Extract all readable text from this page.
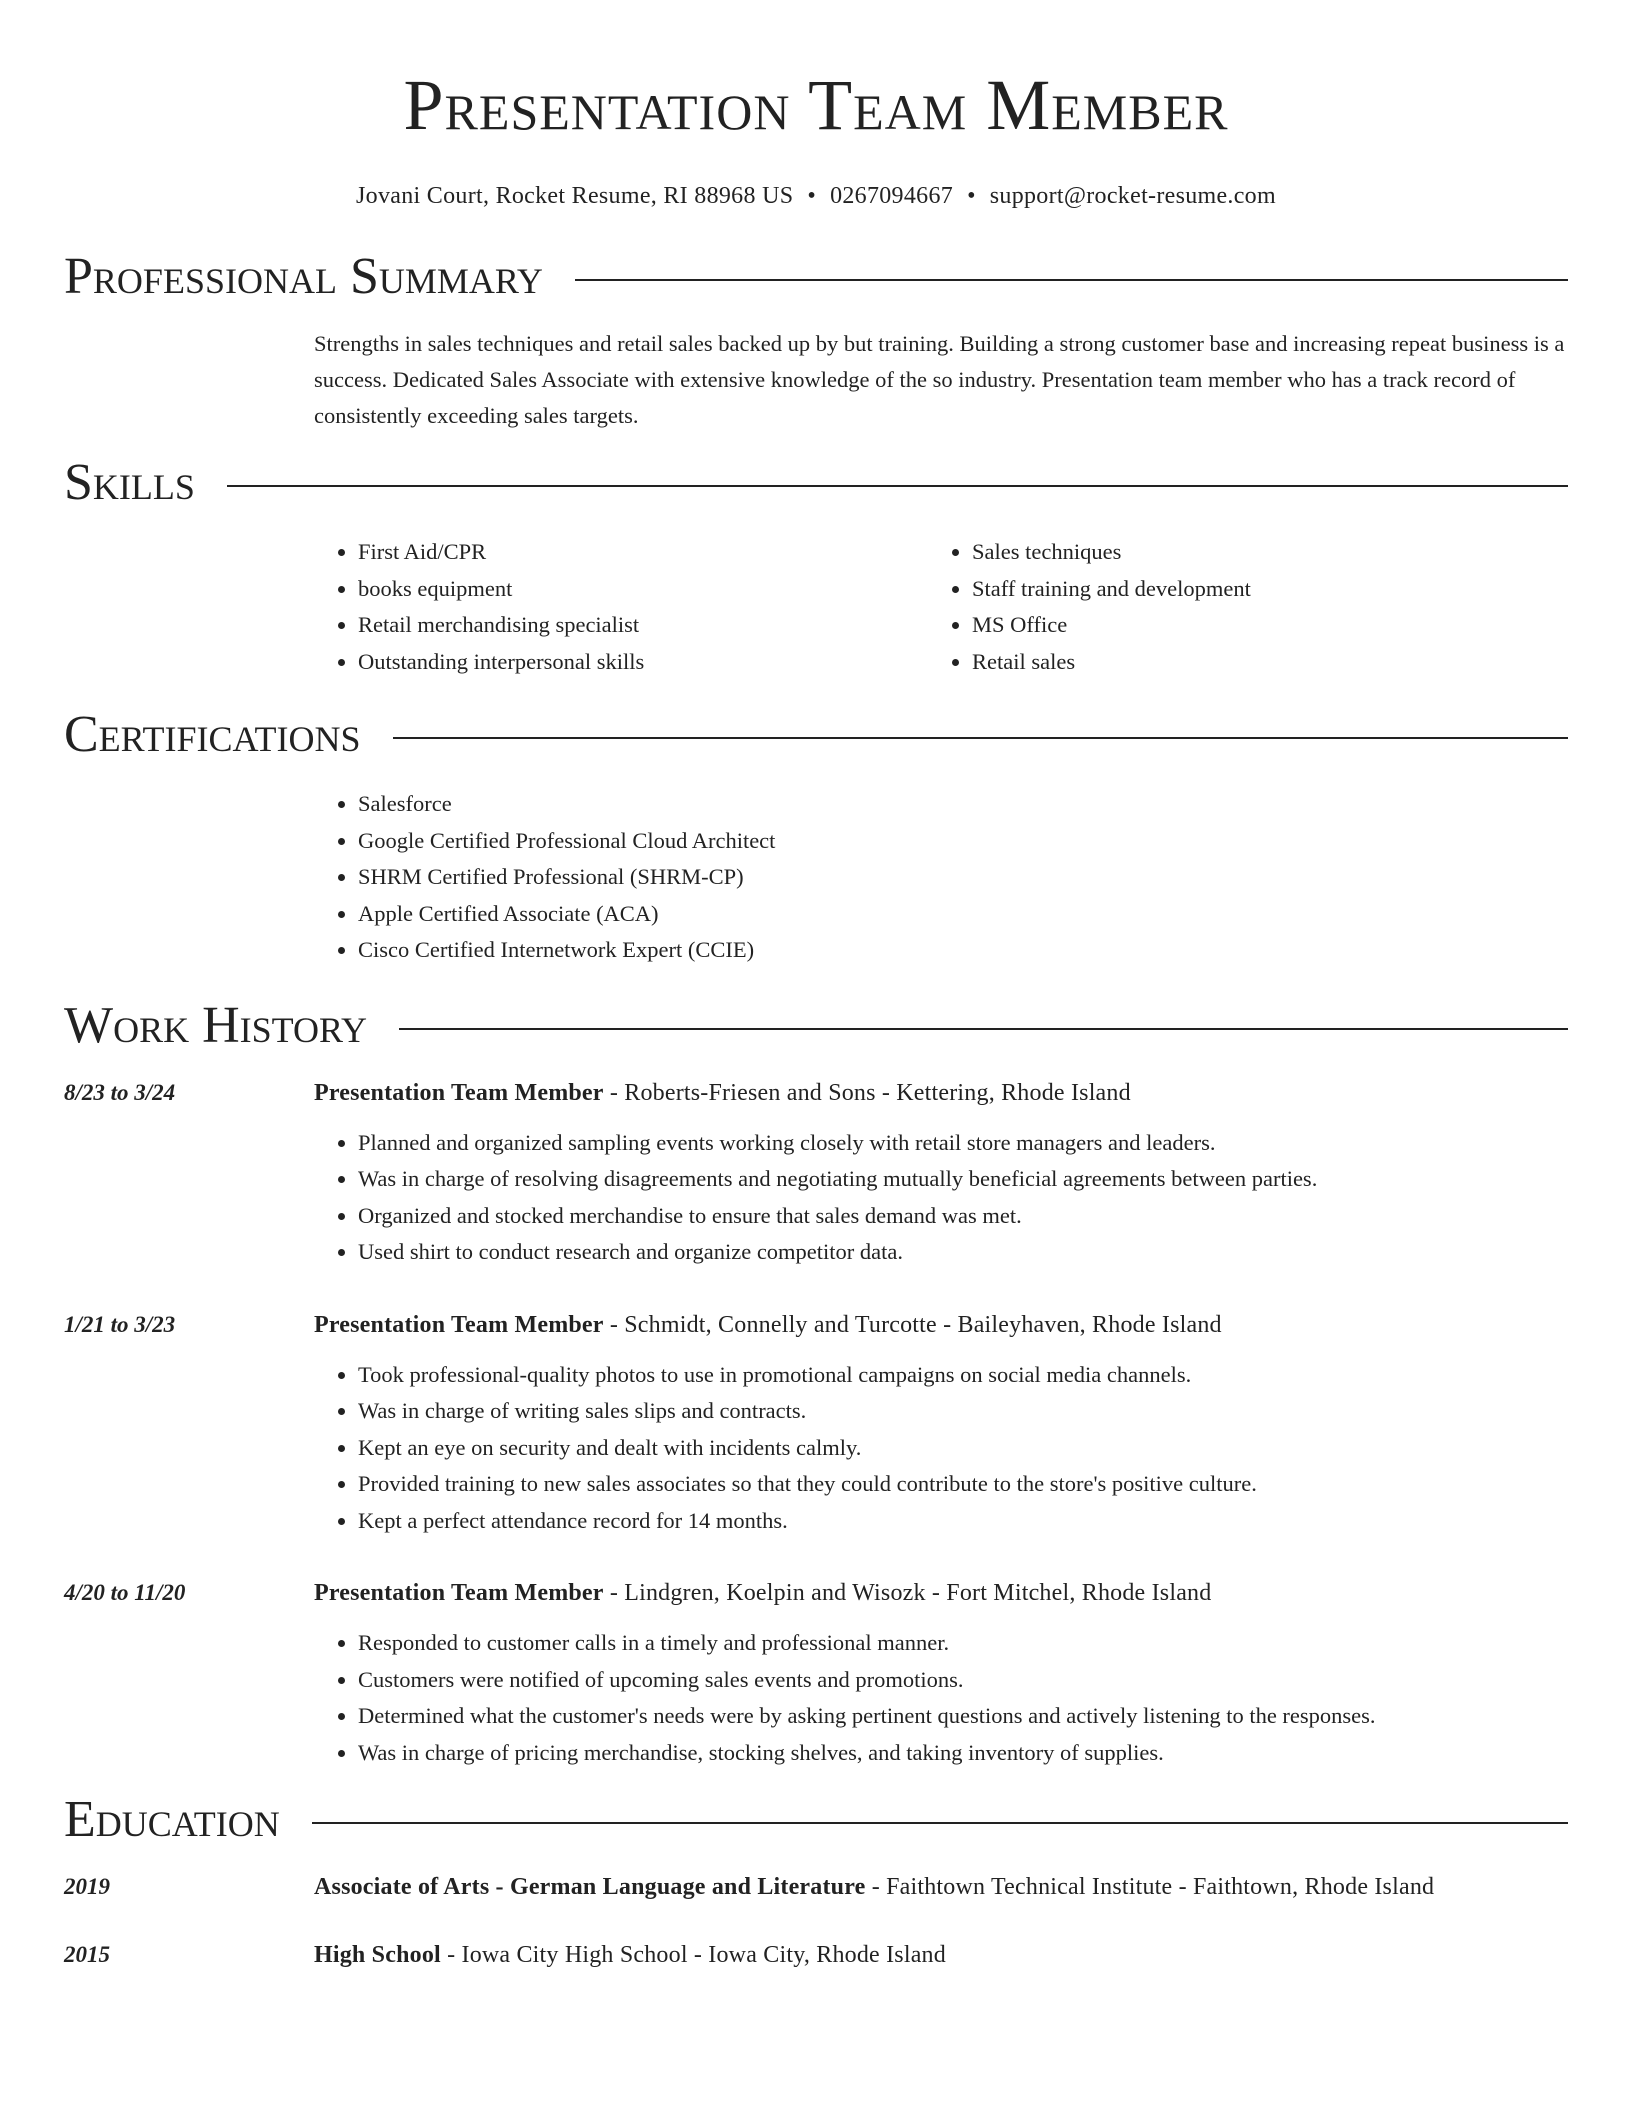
Presentation Team Member
Jovani Court, Rocket Resume, RI 88968 US • 0267094667 • support@rocket-resume.com
Professional Summary
Strengths in sales techniques and retail sales backed up by but training. Building a strong customer base and increasing repeat business is a success. Dedicated Sales Associate with extensive knowledge of the so industry. Presentation team member who has a track record of consistently exceeding sales targets.
Skills
• First Aid/CPR
• books equipment
• Retail merchandising specialist
• Outstanding interpersonal skills
• Sales techniques
• Staff training and development
• MS Office
• Retail sales
Certifications
• Salesforce
• Google Certified Professional Cloud Architect
• SHRM Certified Professional (SHRM-CP)
• Apple Certified Associate (ACA)
• Cisco Certified Internetwork Expert (CCIE)
Work History
8/23 to 3/24	Presentation Team Member - Roberts-Friesen and Sons - Kettering, Rhode Island
• Planned and organized sampling events working closely with retail store managers and leaders.
• Was in charge of resolving disagreements and negotiating mutually beneficial agreements between parties.
• Organized and stocked merchandise to ensure that sales demand was met.
• Used shirt to conduct research and organize competitor data.
1/21 to 3/23	Presentation Team Member - Schmidt, Connelly and Turcotte - Baileyhaven, Rhode Island
• Took professional-quality photos to use in promotional campaigns on social media channels.
• Was in charge of writing sales slips and contracts.
• Kept an eye on security and dealt with incidents calmly.
• Provided training to new sales associates so that they could contribute to the store's positive culture.
• Kept a perfect attendance record for 14 months.
4/20 to 11/20	Presentation Team Member - Lindgren, Koelpin and Wisozk - Fort Mitchel, Rhode Island
• Responded to customer calls in a timely and professional manner.
• Customers were notified of upcoming sales events and promotions.
• Determined what the customer's needs were by asking pertinent questions and actively listening to the responses.
• Was in charge of pricing merchandise, stocking shelves, and taking inventory of supplies.
Education
2019	Associate of Arts - German Language and Literature - Faithtown Technical Institute - Faithtown, Rhode Island
2015	High School - Iowa City High School - Iowa City, Rhode Island
